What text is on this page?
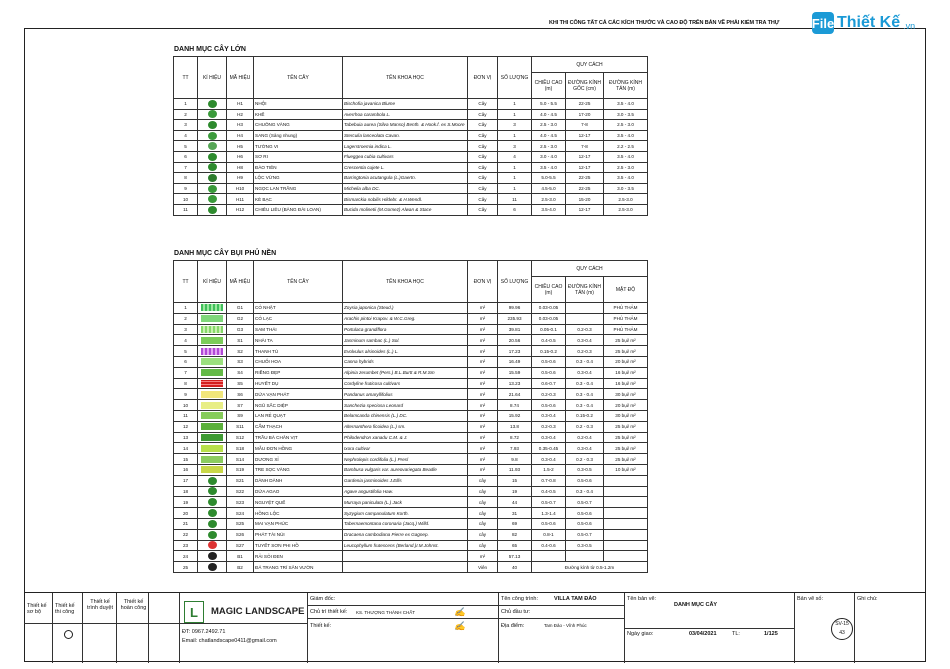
KHI THI CÔNG TẤT CẢ CÁC KÍCH THƯỚC VÀ CAO ĐỘ TRÊN BẢN VẼ PHẢI KIỂM TRA THỰ	File Thiết Kế .vn
DANH MỤC CÂY LỚN
TT	KÍ HIỆU	MÃ HIỆU	TÊN CÂY	TÊN KHOA HỌC	ĐƠN VỊ	SỐ LƯỢNG	QUY CÁCH		
							CHIỀU CAO (m)	ĐƯỜNG KÍNH GỐC (cm)	ĐƯỜNG KÍNH TÁN (m)
1		H1	NHỘI	Bischofia javanica Blume	Cây	1	5.0 - 5.5	22-25	3.5 - 4.0
2		H2	KHẾ	Averrhoa carambola L.	Cây	1	4.0 - 4.5	17-20	3.0 - 3.5
3		H3	CHUÔNG VÀNG	Tabebuia aurea (Silva Manso) Benth. & Hook.f. ex S.Moore	Cây	3	2.5 - 3.0	7-8	2.5 - 3.0
4		H4	SANG (Sảng nhung)	Sterculia lanceolata Cavan.	Cây	1	4.0 - 4.5	12-17	3.5 - 4.0
5		H5	TƯỜNG VI	Lagerstroemia indica L.	Cây	3	2.5 - 3.0	7-8	2.2 - 2.5
6		H6	SƠ RI	Flueggea cubia cultivars	Cây	4	3.0 - 4.0	12-17	3.5 - 4.0
7		H8	ĐÀO TIÊN	Crescentia cujete L.	Cây	1	3.5 - 4.0	12-17	2.5 - 3.0
8		H9	LỘC VỪNG	Barringtonia acutangula (L.)Gaertn.	Cây	1	5.0-5.5	22-25	3.5 - 4.0
9		H10	NGỌC LAN TRẮNG	Michelia alba DC.	Cây	1	4.5-5.0	22-25	3.0 - 3.5
10		H11	KÈ BẠC	Bismarckia nobilis Hildebr. & H.Wendl.	Cây	11	2.5-3.0	15-20	2.5-3.0
11		H12	CHIÊU LIÊU (BÀNG ĐÀI LOAN)	Bucida molinetii (M.Gomez) Alwan & Stace	Cây	6	3.5-4.0	12-17	2.5-3.0
DANH MỤC CÂY BỤI PHỦ NỀN
TT	KÍ HIỆU	MÃ HIỆU	TÊN CÂY	TÊN KHOA HỌC	ĐƠN VỊ	SỐ LƯỢNG	QUY CÁCH		
							CHIỀU CAO (m)	ĐƯỜNG KÍNH TÁN (m)	MẬT ĐỘ
1		G1	CỎ NHẬT	Zoysia japonica (Steud.)	m²	99.96	0.03-0.05		PHỦ THẢM
2		G2	CỎ LẠC	Arachis pintoi Krapov. & W.C.Greg.	m²	235.93	0.03-0.05		PHỦ THẢM
3		G3	SAM THÁI	Portulaca grandiflora	m²	39.81	0.05-0.1	0.2-0.3	PHỦ THẢM
4		S1	NHÀI TA	Jasminum sambac (L.) Sol.	m²	20.56	0.4-0.5	0.3-0.4	25 bụi/ m²
5		S2	THANH TÚ	Evolvulus alsinoides (L.) L.	m²	17.23	0.15-0.2	0.2-0.3	25 bụi/ m²
6		S3	CHUỐI HOA	Canna hybrids	m²	16.49	0.5-0.6	0.3 - 0.4	20 bụi/ m²
7		S4	RIỀNG ĐẸP	Alpinia zerumbet (Pers.) B.L.Burtt & R.M.Sm	m²	15.59	0.5-0.6	0.3-0.4	16 bụi/ m²
8		S5	HUYẾT DỤ	Cordyline fruticosa cultivars	m²	13.23	0.6-0.7	0.3 - 0.4	16 bụi/ m²
9		S6	DỨA VẠN PHÁT	Pandanus amaryllifolius	m²	21.64	0.2-0.3	0.3 - 0.4	30 bụi/ m²
10		S7	NGŨ SẮC DIỆP	Sanchezia speciosa Leonard	m²	8.74	0.5-0.6	0.3 - 0.4	20 bụi/ m²
11		S9	LAN RẺ QUẠT	Belamcanda chinensis (L.) DC.	m²	15.92	0.3-0.4	0.15-0.2	30 bụi/ m²
12		S11	CẨM THẠCH	Alternanthera ficoidea (L.) sm.	m²	13.8	0.2-0.3	0.2 - 0.3	25 bụi/ m²
13		S12	TRẦU BÀ CHÂN VỊT	Philodendron xanadu C.M. & J.	m²	8.72	0.3-0.4	0.2-0.4	25 bụi/ m²
14		S18	MẪU ĐƠN HỒNG	Ixora cultivar	m²	7.93	0.35-0.45	0.3-0.4	25 bụi/ m²
15		S14	DƯƠNG XỈ	Nephrolepis cordifolia (L.) Presl	m²	9.8	0.3-0.4	0.2 - 0.3	25 bụi/ m²
16		S19	TRE SỌC VÀNG	Bambusa vulgaris var. aureovariegata Beadle	m²	11.93	1.5-2	0.3-0.5	10 bụi/ m²
17		S21	DÀNH DÀNH	Gardenia jasminoides J.Ellis	cây	15	0.7-0.8	0.5-0.6	
18		S22	DỨA AGAO	Agave angustifolia Haw.	cây	19	0.4-0.5	0.3 - 0.4	
19		S23	NGUYỆT QUẾ	Murraya paniculata (L.) Jack	cây	44	0.5-0.7	0.5-0.7	
20		S24	HỒNG LỘC	Syzygium campanulatum Korth.	cây	31	1.3-1.4	0.5-0.6	
21		S25	MAI VẠN PHÚC	Tabernaemontana coronaria (Jacq.) Willd.	cây	69	0.5-0.6	0.5-0.6	
22		S26	PHÁT TÀI NÚI	Dracaena cambodiana Pierre ex Gagnep.	cây	82	0.8-1	0.5-0.7	
23		S27	TUYẾT SƠN PHI HỒ	Leucophyllum frutescens (Berland.)I.M.Johnst.	cây	65	0.4-0.6	0.3-0.5	
24		B1	RẢI SỎI ĐEN		m²	57.13			
25		B2	ĐÁ TRANG TRÍ SÂN VƯỜN		Viên	40	Đường kính từ 0.5-1.2m		
Thiết kế sơ bộ
Thiết kế thi công
Thiết kế trình duyệt
Thiết kế hoàn công	L	MAGIC LANDSCAPE
ĐT: 0967.2492.71
Email: chatlandscape0411@gmail.com
Giám đốc:
Chủ trì thiết kế: KS. THƯỢNG THÀNH CHẤT
Thiết kế:
✍
✍
Tên công trình:	VILLA TAM ĐẢO
Chủ đầu tư:
Địa điểm:	Tam Đảo - Vĩnh Phúc
Tên bản vẽ:
DANH MỤC CÂY
Ngày giao:	03/04/2021	TL:	1/125
Bản vẽ số:
SV-15
43
Ghi chú:
